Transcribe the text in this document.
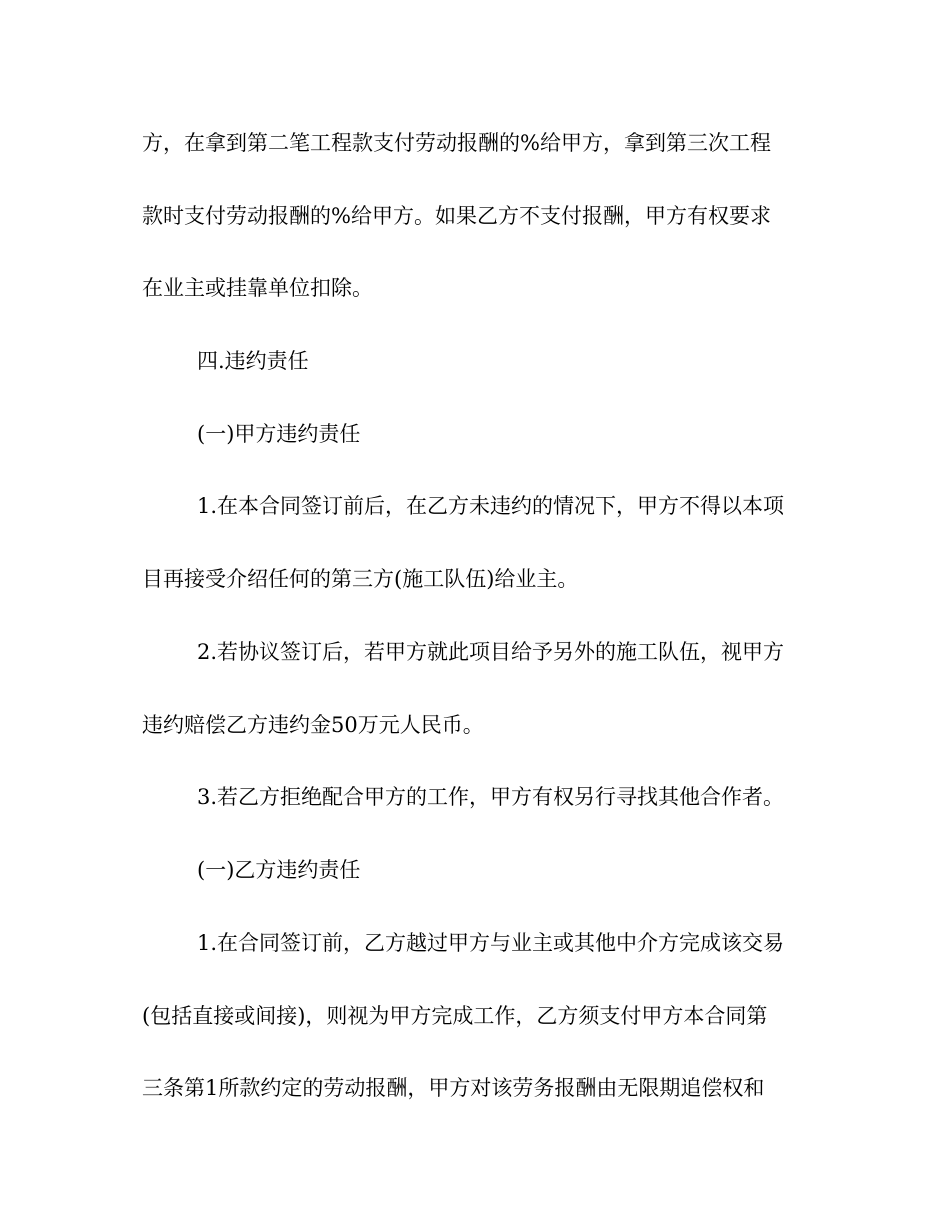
方，在拿到第二笔工程款支付劳动报酬的%给甲方，拿到第三次工程

款时支付劳动报酬的%给甲方。如果乙方不支付报酬，甲方有权要求

在业主或挂靠单位扣除。

四.违约责任

(一)甲方违约责任

1.在本合同签订前后，在乙方未违约的情况下，甲方不得以本项

目再接受介绍任何的第三方(施工队伍)给业主。

2.若协议签订后，若甲方就此项目给予另外的施工队伍，视甲方

违约赔偿乙方违约金50万元人民币。

3.若乙方拒绝配合甲方的工作，甲方有权另行寻找其他合作者。

(一)乙方违约责任

1.在合同签订前，乙方越过甲方与业主或其他中介方完成该交易

(包括直接或间接)，则视为甲方完成工作，乙方须支付甲方本合同第

三条第1所款约定的劳动报酬，甲方对该劳务报酬由无限期追偿权和
